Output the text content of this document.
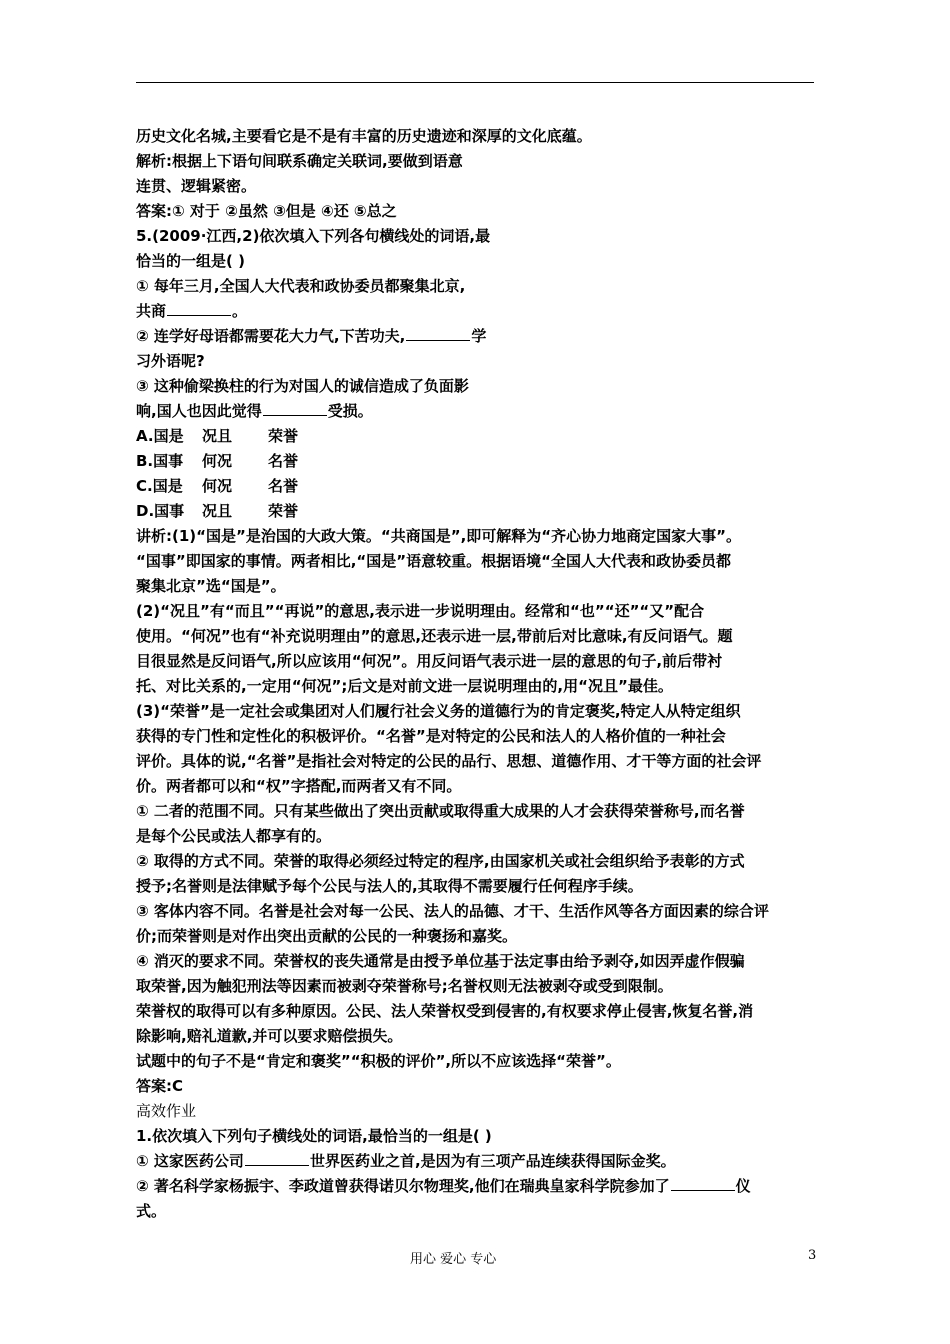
历史文化名城,主要看它是不是有丰富的历史遗迹和深厚的文化底蕴。
解析:根据上下语句间联系确定关联词,要做到语意
连贯、逻辑紧密。
答案:① 对于 ②虽然 ③但是 ④还 ⑤总之
5.(2009·江西,2)依次填入下列各句横线处的词语,最
恰当的一组是( )
① 每年三月,全国人大代表和政协委员都聚集北京,
共商	。
② 连学好母语都需要花大力气,下苦功夫,	学
习外语呢?
③ 这种偷梁换柱的行为对国人的诚信造成了负面影
响,国人也因此觉得	受损。
A.国是 况且 荣誉
B.国事 何况 名誉
C.国是 何况 名誉
D.国事 况且 荣誉
讲析:(1)“国是”是治国的大政大策。“共商国是”,即可解释为“齐心协力地商定国家大事”。
“国事”即国家的事情。两者相比,“国是”语意较重。根据语境“全国人大代表和政协委员都
聚集北京”选“国是”。
(2)“况且”有“而且”“再说”的意思,表示进一步说明理由。经常和“也”“还”“又”配合
使用。“何况”也有“补充说明理由”的意思,还表示进一层,带前后对比意味,有反问语气。题
目很显然是反问语气,所以应该用“何况”。用反问语气表示进一层的意思的句子,前后带衬
托、对比关系的,一定用“何况”;后文是对前文进一层说明理由的,用“况且”最佳。
(3)“荣誉”是一定社会或集团对人们履行社会义务的道德行为的肯定褒奖,特定人从特定组织
获得的专门性和定性化的积极评价。“名誉”是对特定的公民和法人的人格价值的一种社会
评价。具体的说,“名誉”是指社会对特定的公民的品行、思想、道德作用、才干等方面的社会评
价。两者都可以和“权”字搭配,而两者又有不同。
① 二者的范围不同。只有某些做出了突出贡献或取得重大成果的人才会获得荣誉称号,而名誉
是每个公民或法人都享有的。
② 取得的方式不同。荣誉的取得必须经过特定的程序,由国家机关或社会组织给予表彰的方式
授予;名誉则是法律赋予每个公民与法人的,其取得不需要履行任何程序手续。
③ 客体内容不同。名誉是社会对每一公民、法人的品德、才干、生活作风等各方面因素的综合评
价;而荣誉则是对作出突出贡献的公民的一种褒扬和嘉奖。
④ 消灭的要求不同。荣誉权的丧失通常是由授予单位基于法定事由给予剥夺,如因弄虚作假骗
取荣誉,因为触犯刑法等因素而被剥夺荣誉称号;名誉权则无法被剥夺或受到限制。
荣誉权的取得可以有多种原因。公民、法人荣誉权受到侵害的,有权要求停止侵害,恢复名誉,消
除影响,赔礼道歉,并可以要求赔偿损失。
试题中的句子不是“肯定和褒奖”“积极的评价”,所以不应该选择“荣誉”。
答案:C
高效作业
1.依次填入下列句子横线处的词语,最恰当的一组是( )
① 这家医药公司	世界医药业之首,是因为有三项产品连续获得国际金奖。
② 著名科学家杨振宇、李政道曾获得诺贝尔物理奖,他们在瑞典皇家科学院参加了	仪
式。
用心 爱心 专心	3
